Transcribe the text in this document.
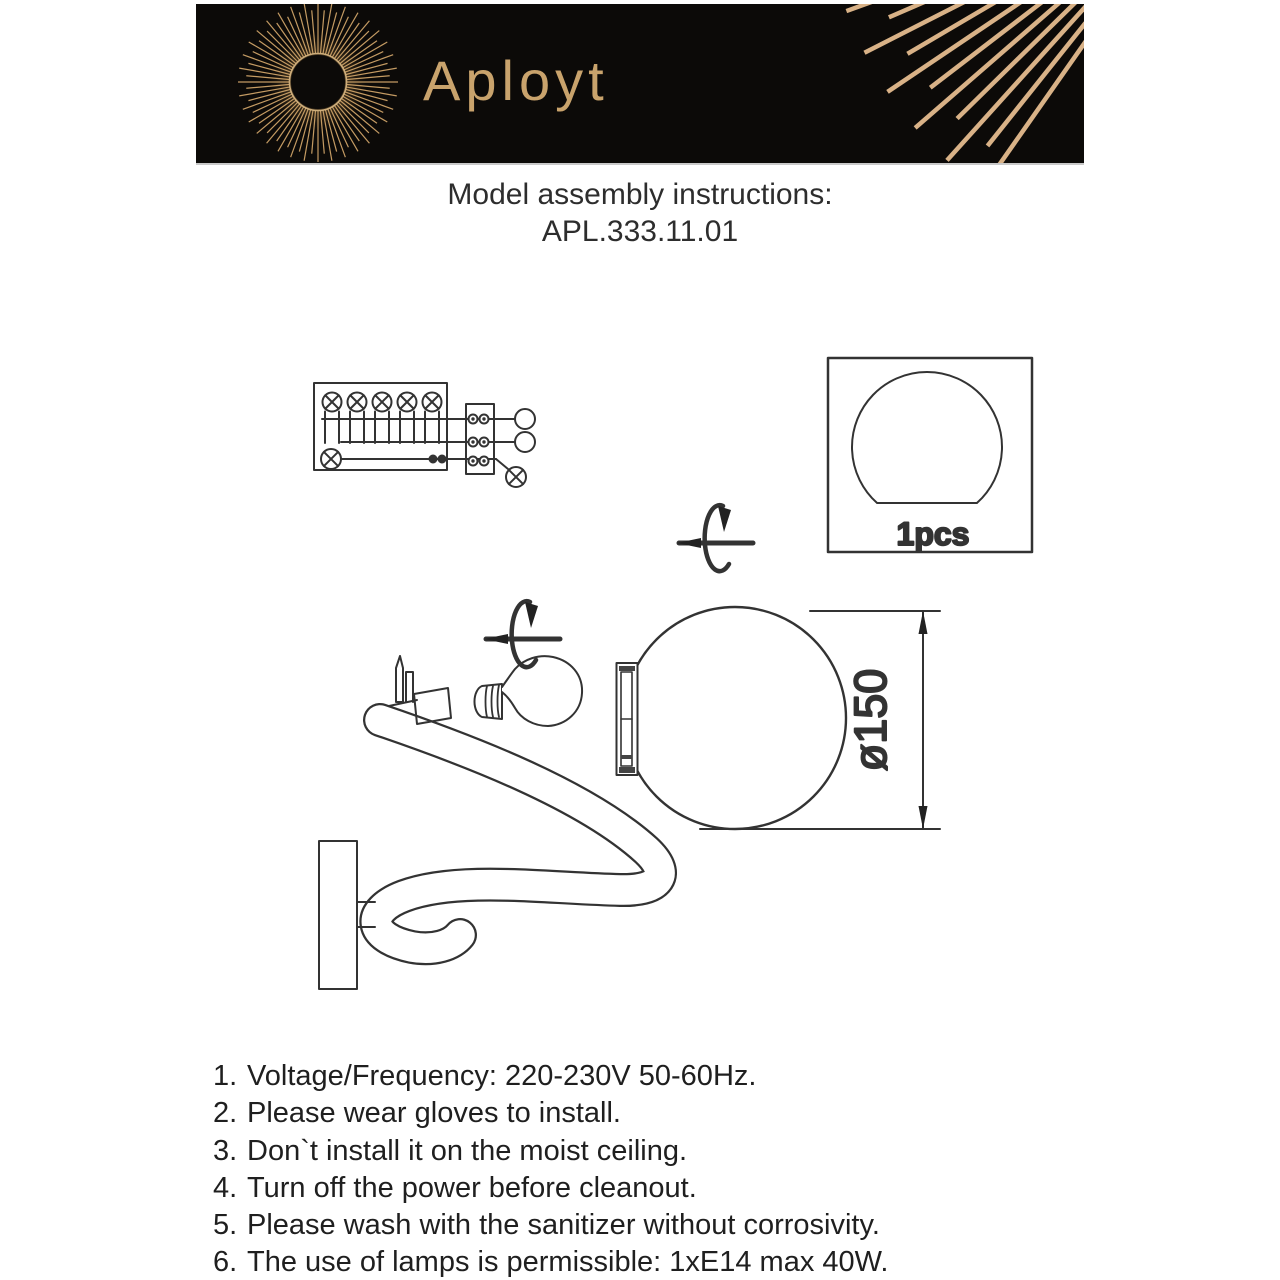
Aployt
Model assembly instructions:
APL.333.11.01
1pcs
ø150
1. Voltage/Frequency: 220-230V 50-60Hz.
2. Please wear gloves to install.
3. Don`t install it on the moist ceiling.
4. Turn off the power before cleanout.
5. Please wash with the sanitizer without corrosivity.
6. The use of lamps is permissible: 1xE14 max 40W.
